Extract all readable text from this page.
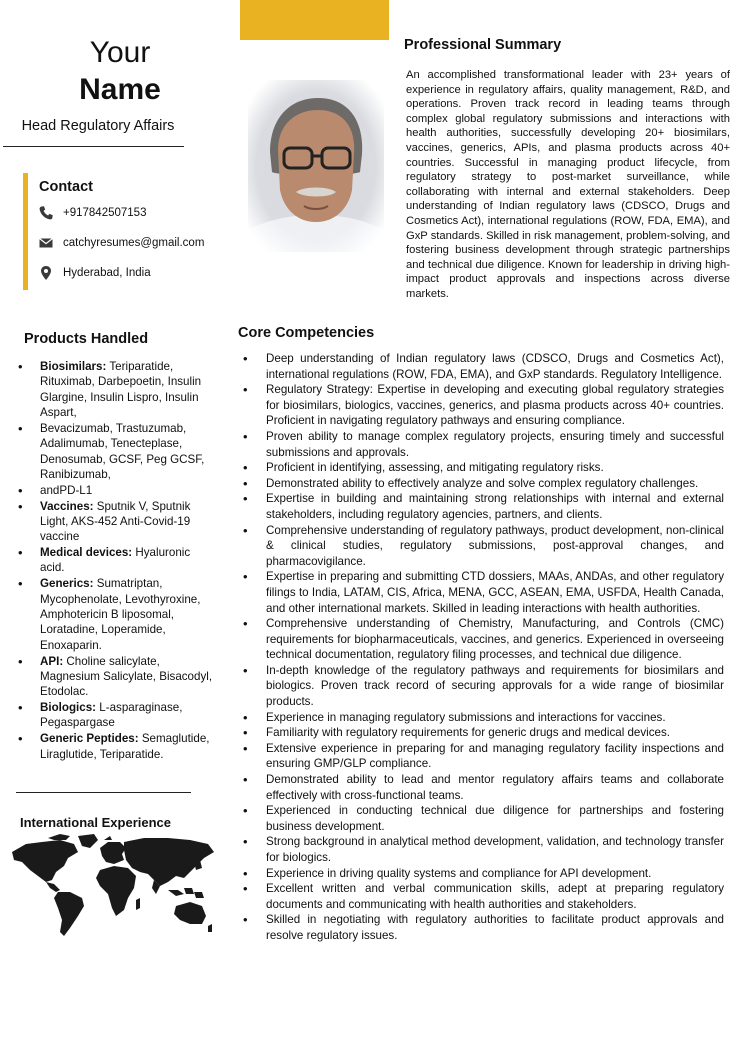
Your
Name
Head Regulatory Affairs
Contact
+917842507153
catchyresumes@gmail.com
Hyderabad, India
Professional Summary
An accomplished transformational leader with 23+ years of experience in regulatory affairs, quality management, R&D, and operations. Proven track record in leading teams through complex global regulatory submissions and interactions with health authorities, successfully developing 20+ biosimilars, vaccines, generics, APIs, and plasma products across 40+ countries. Successful in managing product lifecycle, from regulatory strategy to post-market surveillance, while collaborating with internal and external stakeholders. Deep understanding of Indian regulatory laws (CDSCO, Drugs and Cosmetics Act), international regulations (ROW, FDA, EMA), and GxP standards. Skilled in risk management, problem-solving, and fostering business development through strategic partnerships and technical due diligence. Known for leadership in driving high-impact product approvals and inspections across diverse markets.
Products Handled
• Biosimilars: Teriparatide, Rituximab, Darbepoetin, Insulin Glargine, Insulin Lispro, Insulin Aspart,
• Bevacizumab, Trastuzumab, Adalimumab, Tenecteplase, Denosumab, GCSF, Peg GCSF, Ranibizumab,
• andPD-L1
• Vaccines: Sputnik V, Sputnik Light, AKS-452 Anti-Covid-19 vaccine
• Medical devices: Hyaluronic acid.
• Generics: Sumatriptan, Mycophenolate, Levothyroxine, Amphotericin B liposomal, Loratadine, Loperamide, Enoxaparin.
• API: Choline salicylate, Magnesium Salicylate, Bisacodyl, Etodolac.
• Biologics: L-asparaginase, Pegaspargase
• Generic Peptides: Semaglutide, Liraglutide, Teriparatide.
International Experience
Core Competencies
• Deep understanding of Indian regulatory laws (CDSCO, Drugs and Cosmetics Act), international regulations (ROW, FDA, EMA), and GxP standards. Regulatory Intelligence.
• Regulatory Strategy: Expertise in developing and executing global regulatory strategies for biosimilars, biologics, vaccines, generics, and plasma products across 40+ countries. Proficient in navigating regulatory pathways and ensuring compliance.
• Proven ability to manage complex regulatory projects, ensuring timely and successful submissions and approvals.
• Proficient in identifying, assessing, and mitigating regulatory risks.
• Demonstrated ability to effectively analyze and solve complex regulatory challenges.
• Expertise in building and maintaining strong relationships with internal and external stakeholders, including regulatory agencies, partners, and clients.
• Comprehensive understanding of regulatory pathways, product development, non-clinical & clinical studies, regulatory submissions, post-approval changes, and pharmacovigilance.
• Expertise in preparing and submitting CTD dossiers, MAAs, ANDAs, and other regulatory filings to India, LATAM, CIS, Africa, MENA, GCC, ASEAN, EMA, USFDA, Health Canada, and other international markets. Skilled in leading interactions with health authorities.
• Comprehensive understanding of Chemistry, Manufacturing, and Controls (CMC) requirements for biopharmaceuticals, vaccines, and generics. Experienced in overseeing technical documentation, regulatory filing processes, and technical due diligence.
• In-depth knowledge of the regulatory pathways and requirements for biosimilars and biologics. Proven track record of securing approvals for a wide range of biosimilar products.
• Experience in managing regulatory submissions and interactions for vaccines.
• Familiarity with regulatory requirements for generic drugs and medical devices.
• Extensive experience in preparing for and managing regulatory facility inspections and ensuring GMP/GLP compliance.
• Demonstrated ability to lead and mentor regulatory affairs teams and collaborate effectively with cross-functional teams.
• Experienced in conducting technical due diligence for partnerships and fostering business development.
• Strong background in analytical method development, validation, and technology transfer for biologics.
• Experience in driving quality systems and compliance for API development.
• Excellent written and verbal communication skills, adept at preparing regulatory documents and communicating with health authorities and stakeholders.
• Skilled in negotiating with regulatory authorities to facilitate product approvals and resolve regulatory issues.
